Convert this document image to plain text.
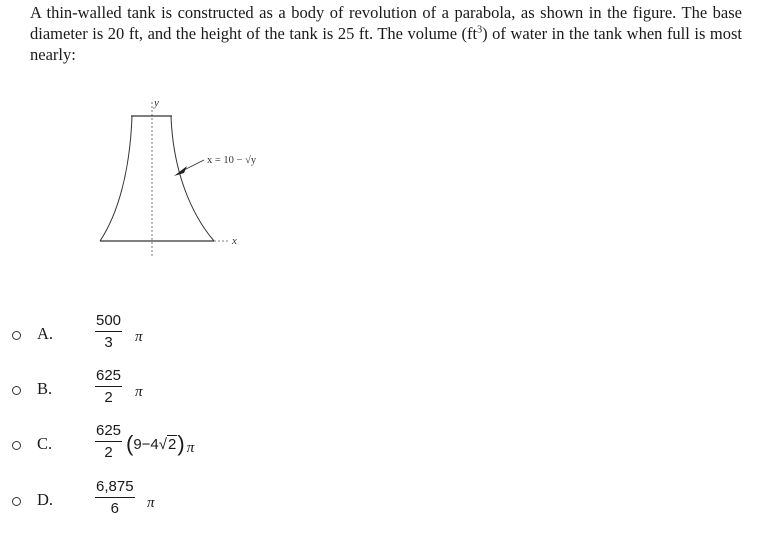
A thin-walled tank is constructed as a body of revolution of a parabola, as shown in the figure. The base diameter is 20 ft, and the height of the tank is 25 ft. The volume $(ft^3)$ of water in the tank when full is most nearly:
y
x
x = 10 − √y
A.	$\frac{500}{3}$ π
B.	$\frac{625}{2}$ π
C.	$\frac{625}{2} (9-4√2)$ π
D.	$\frac{6,875}{6}$ π
